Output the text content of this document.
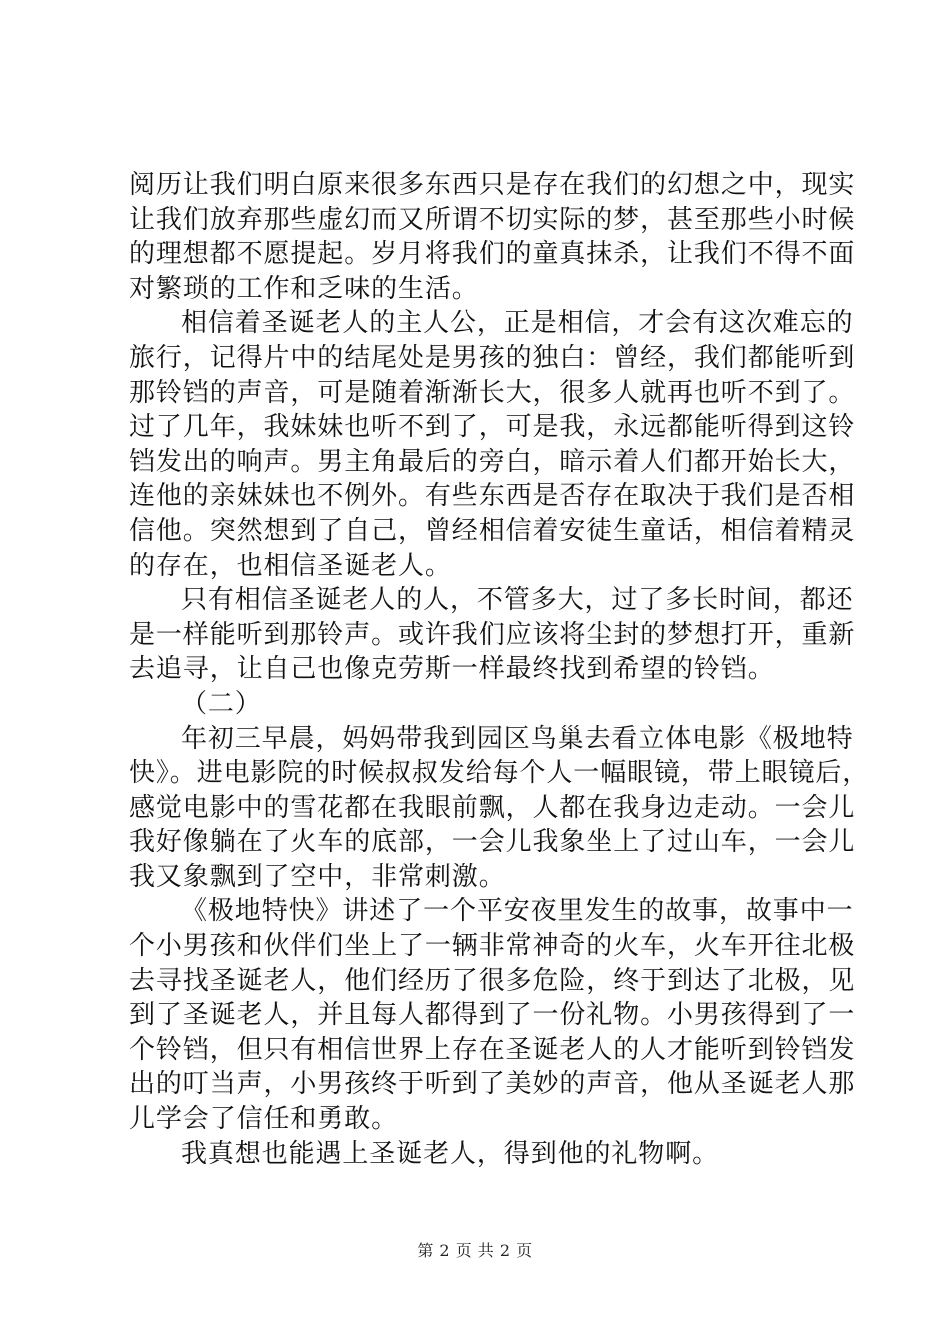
阅历让我们明白原来很多东西只是存在我们的幻想之中，现实
让我们放弃那些虚幻而又所谓不切实际的梦，甚至那些小时候
的理想都不愿提起。岁月将我们的童真抹杀，让我们不得不面
对繁琐的工作和乏味的生活。
相信着圣诞老人的主人公，正是相信，才会有这次难忘的
旅行，记得片中的结尾处是男孩的独白：曾经，我们都能听到
那铃铛的声音，可是随着渐渐长大，很多人就再也听不到了。
过了几年，我妹妹也听不到了，可是我，永远都能听得到这铃
铛发出的响声。男主角最后的旁白，暗示着人们都开始长大，
连他的亲妹妹也不例外。有些东西是否存在取决于我们是否相
信他。突然想到了自己，曾经相信着安徒生童话，相信着精灵
的存在，也相信圣诞老人。
只有相信圣诞老人的人，不管多大，过了多长时间，都还
是一样能听到那铃声。或许我们应该将尘封的梦想打开，重新
去追寻，让自己也像克劳斯一样最终找到希望的铃铛。
（二）
年初三早晨，妈妈带我到园区鸟巢去看立体电影《极地特
快》。进电影院的时候叔叔发给每个人一幅眼镜，带上眼镜后，
感觉电影中的雪花都在我眼前飘，人都在我身边走动。一会儿
我好像躺在了火车的底部，一会儿我象坐上了过山车，一会儿
我又象飘到了空中，非常刺激。
《极地特快》讲述了一个平安夜里发生的故事，故事中一
个小男孩和伙伴们坐上了一辆非常神奇的火车，火车开往北极
去寻找圣诞老人，他们经历了很多危险，终于到达了北极，见
到了圣诞老人，并且每人都得到了一份礼物。小男孩得到了一
个铃铛，但只有相信世界上存在圣诞老人的人才能听到铃铛发
出的叮当声，小男孩终于听到了美妙的声音，他从圣诞老人那
儿学会了信任和勇敢。
我真想也能遇上圣诞老人，得到他的礼物啊。
第 2 页 共 2 页
